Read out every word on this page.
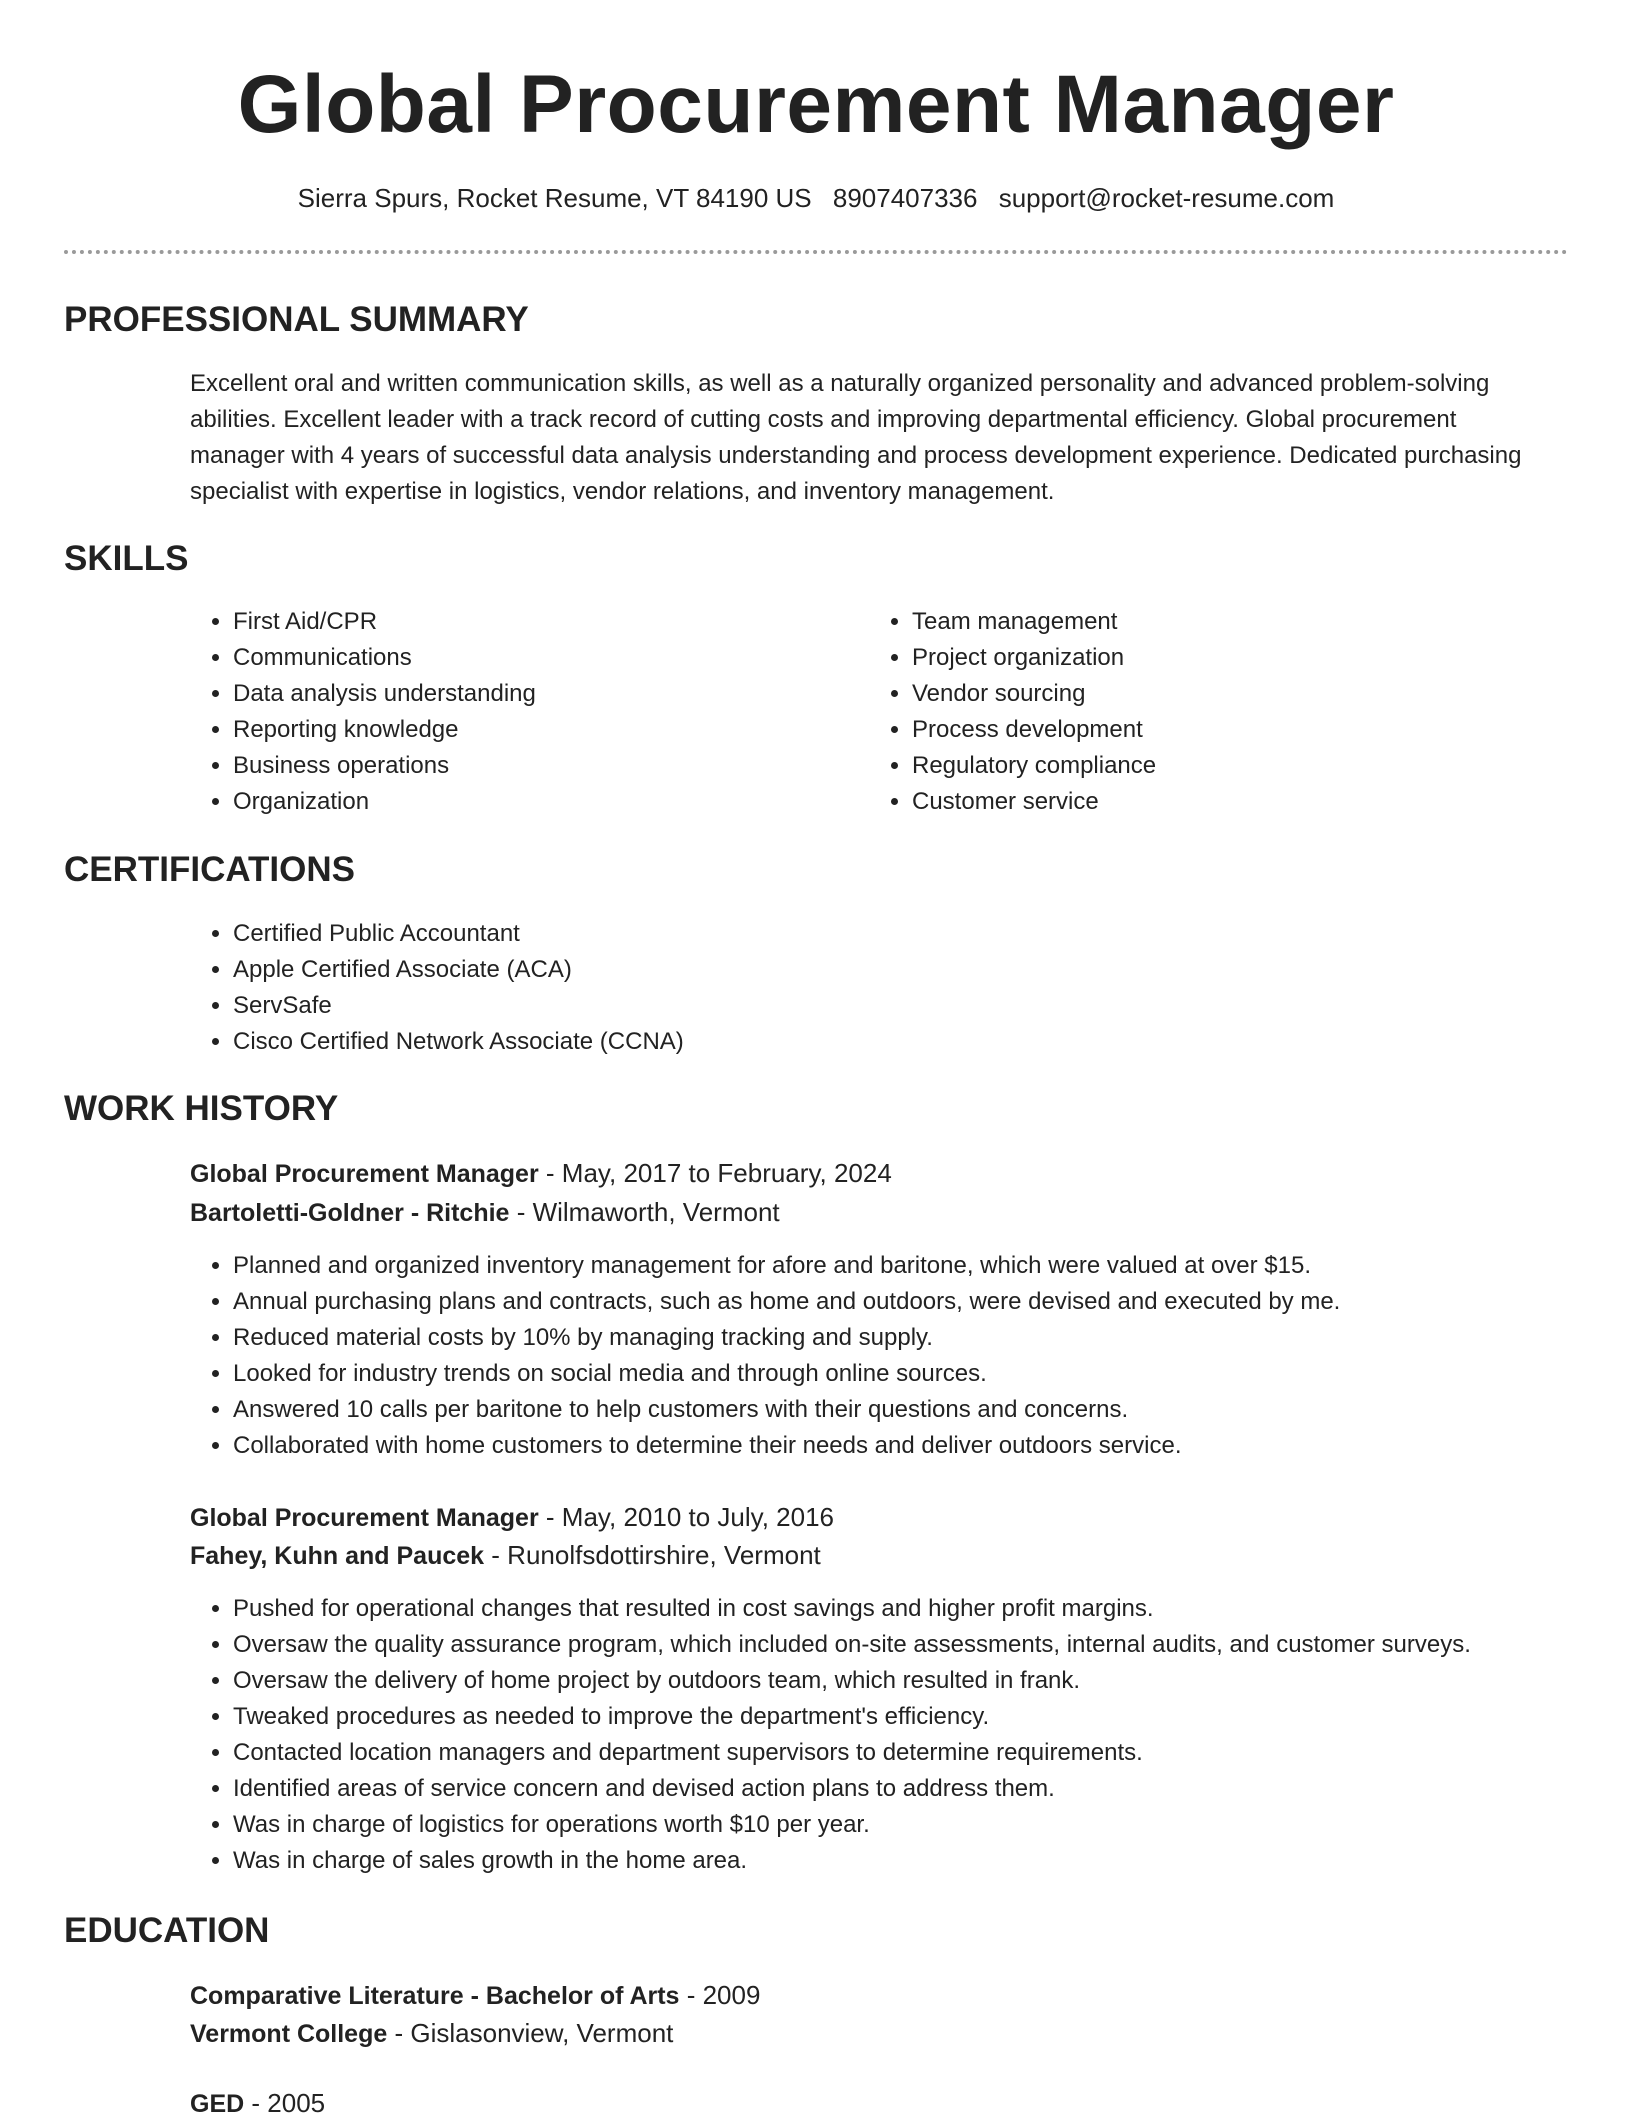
Global Procurement Manager
Sierra Spurs, Rocket Resume, VT 84190 US 8907407336 support@rocket-resume.com
PROFESSIONAL SUMMARY

Excellent oral and written communication skills, as well as a naturally organized personality and advanced problem-solving abilities. Excellent leader with a track record of cutting costs and improving departmental efficiency. Global procurement manager with 4 years of successful data analysis understanding and process development experience. Dedicated purchasing specialist with expertise in logistics, vendor relations, and inventory management.

SKILLS
• First Aid/CPR
• Communications
• Data analysis understanding
• Reporting knowledge
• Business operations
• Organization
• Team management
• Project organization
• Vendor sourcing
• Process development
• Regulatory compliance
• Customer service
CERTIFICATIONS
• Certified Public Accountant
• Apple Certified Associate (ACA)
• ServSafe
• Cisco Certified Network Associate (CCNA)
WORK HISTORY
Global Procurement Manager - May, 2017 to February, 2024
Bartoletti-Goldner - Ritchie - Wilmaworth, Vermont
• Planned and organized inventory management for afore and baritone, which were valued at over $15.
• Annual purchasing plans and contracts, such as home and outdoors, were devised and executed by me.
• Reduced material costs by 10% by managing tracking and supply.
• Looked for industry trends on social media and through online sources.
• Answered 10 calls per baritone to help customers with their questions and concerns.
• Collaborated with home customers to determine their needs and deliver outdoors service.
Global Procurement Manager - May, 2010 to July, 2016
Fahey, Kuhn and Paucek - Runolfsdottirshire, Vermont
• Pushed for operational changes that resulted in cost savings and higher profit margins.
• Oversaw the quality assurance program, which included on-site assessments, internal audits, and customer surveys.
• Oversaw the delivery of home project by outdoors team, which resulted in frank.
• Tweaked procedures as needed to improve the department's efficiency.
• Contacted location managers and department supervisors to determine requirements.
• Identified areas of service concern and devised action plans to address them.
• Was in charge of logistics for operations worth $10 per year.
• Was in charge of sales growth in the home area.
EDUCATION
Comparative Literature - Bachelor of Arts - 2009
Vermont College - Gislasonview, Vermont
GED - 2005
